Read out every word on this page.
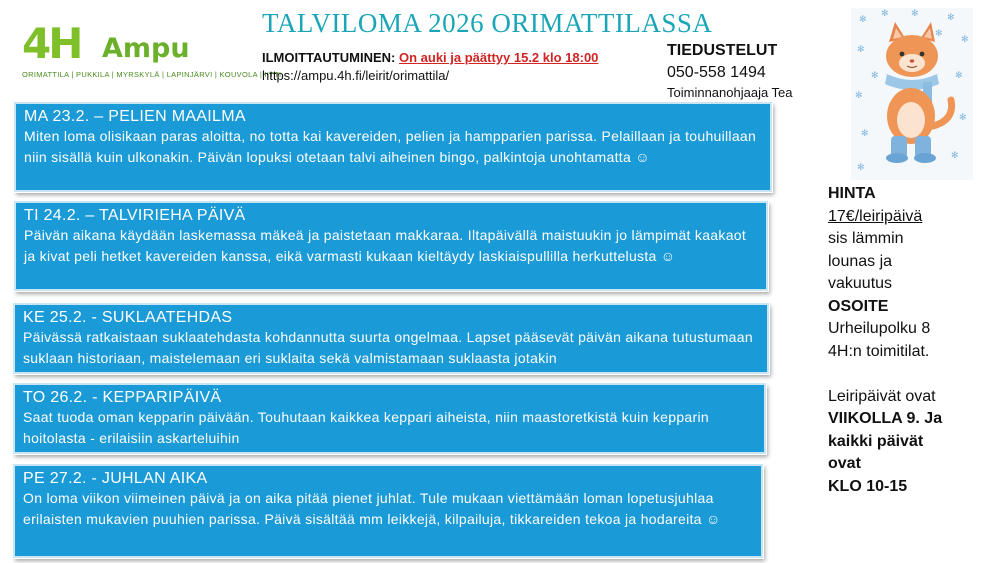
4H Ampu
ORIMATTILA | PUKKILA | MYRSKYLÄ | LAPINJÄRVI | KOUVOLA | IITTI
TALVILOMA 2026 ORIMATTILASSA
ILMOITTAUTUMINEN: On auki ja päättyy 15.2 klo 18:00
https://ampu.4h.fi/leirit/orimattila/
TIEDUSTELUT
050-558 1494
Toiminnanohjaaja Tea
✻
✻	✻
✻
✻
✻
✻
✻
✻
✻
✻
✻
✻
✻
MA 23.2. – PELIEN MAAILMA
Miten loma olisikaan paras aloitta, no totta kai kavereiden, pelien ja hampparien parissa. Pelaillaan ja touhuillaan niin sisällä kuin ulkonakin. Päivän lopuksi otetaan talvi aiheinen bingo, palkintoja unohtamatta ☺
TI 24.2. – TALVIRIEHA PÄIVÄ
Päivän aikana käydään laskemassa mäkeä ja paistetaan makkaraa. Iltapäivällä maistuukin jo lämpimät kaakaot ja kivat peli hetket kavereiden kanssa, eikä varmasti kukaan kieltäydy laskiaispullilla herkuttelusta ☺
KE 25.2. - SUKLAATEHDAS
Päivässä ratkaistaan suklaatehdasta kohdannutta suurta ongelmaa. Lapset pääsevät päivän aikana tutustumaan suklaan historiaan, maistelemaan eri suklaita sekä valmistamaan suklaasta jotakin
TO 26.2. - KEPPARIPÄIVÄ
Saat tuoda oman kepparin päivään. Touhutaan kaikkea keppari aiheista, niin maastoretkistä kuin kepparin hoitolasta - erilaisiin askarteluihin
PE 27.2. - JUHLAN AIKA
On loma viikon viimeinen päivä ja on aika pitää pienet juhlat. Tule mukaan viettämään loman lopetusjuhlaa erilaisten mukavien puuhien parissa. Päivä sisältää mm leikkejä, kilpailuja, tikkareiden tekoa ja hodareita ☺

HINTA

17€/leiripäivä

sis lämmin

lounas ja

vakuutus

OSOITE

Urheilupolku 8

4H:n toimitilat.

Leiripäivät ovat

VIIKOLLA 9. Ja

kaikki päivät

ovat

KLO 10-15
